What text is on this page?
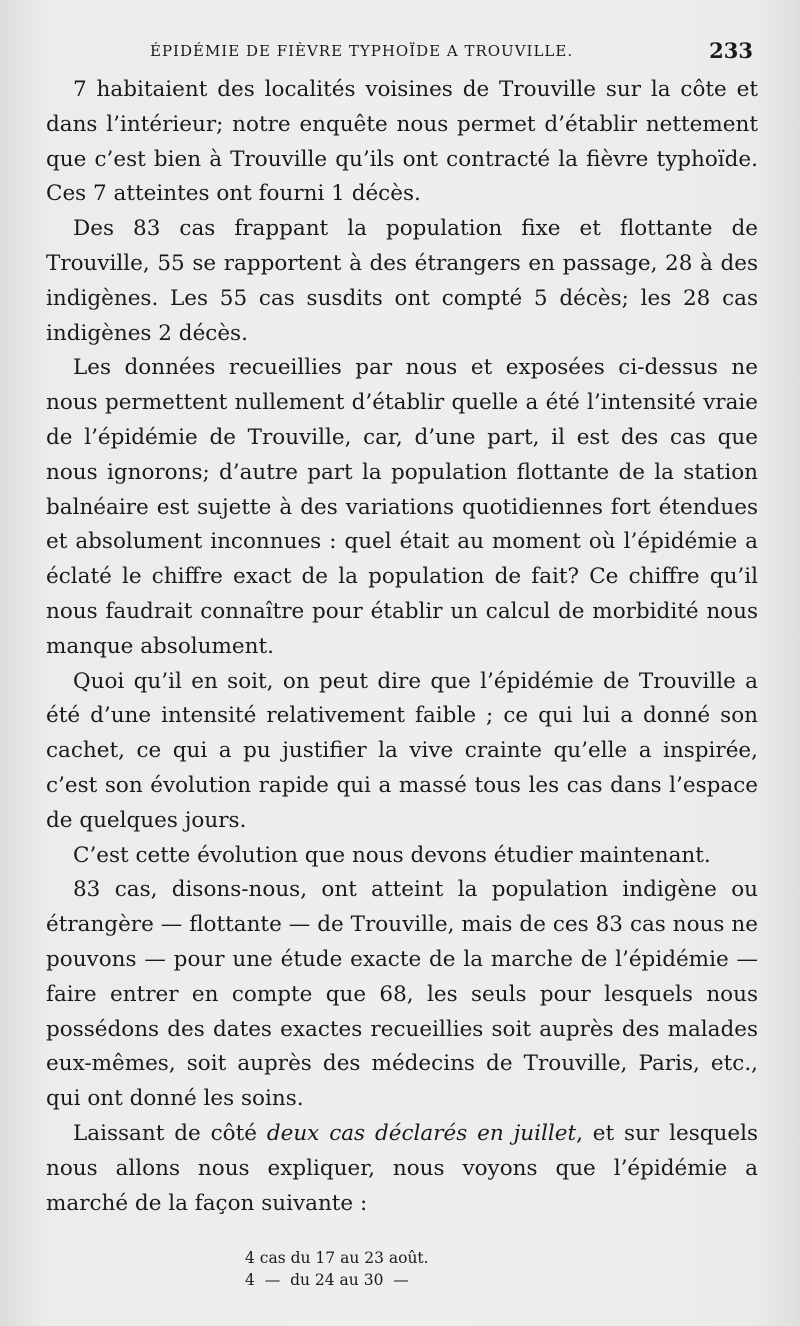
ÉPIDÉMIE DE FIÈVRE TYPHOÏDE A TROUVILLE.	233

7 habitaient des localités voisines de Trouville sur la côte et dans l’intérieur; notre enquête nous permet d’établir nettement que c’est bien à Trouville qu’ils ont contracté la fièvre typhoïde. Ces 7 atteintes ont fourni 1 décès.

Des 83 cas frappant la population fixe et flottante de Trouville, 55 se rapportent à des étrangers en passage, 28 à des indigènes. Les 55 cas susdits ont compté 5 décès; les 28 cas indigènes 2 décès.

Les données recueillies par nous et exposées ci-dessus ne nous permettent nullement d’établir quelle a été l’intensité vraie de l’épidémie de Trouville, car, d’une part, il est des cas que nous ignorons; d’autre part la population flottante de la station balnéaire est sujette à des variations quotidiennes fort étendues et absolument inconnues : quel était au moment où l’épidémie a éclaté le chiffre exact de la population de fait? Ce chiffre qu’il nous faudrait connaître pour établir un calcul de morbidité nous manque absolument.

Quoi qu’il en soit, on peut dire que l’épidémie de Trouville a été d’une intensité relativement faible ; ce qui lui a donné son cachet, ce qui a pu justifier la vive crainte qu’elle a inspirée, c’est son évolution rapide qui a massé tous les cas dans l’espace de quelques jours.

C’est cette évolution que nous devons étudier maintenant.

83 cas, disons-nous, ont atteint la population indigène ou étrangère — flottante — de Trouville, mais de ces 83 cas nous ne pouvons — pour une étude exacte de la marche de l’épidémie — faire entrer en compte que 68, les seuls pour lesquels nous possédons des dates exactes recueillies soit auprès des malades eux-mêmes, soit auprès des médecins de Trouville, Paris, etc., qui ont donné les soins.

Laissant de côté deux cas déclarés en juillet, et sur lesquels nous allons nous expliquer, nous voyons que l’épidémie a marché de la façon suivante :

4 cas du 17 au 23 août.
4  —  du 24 au 30  —
